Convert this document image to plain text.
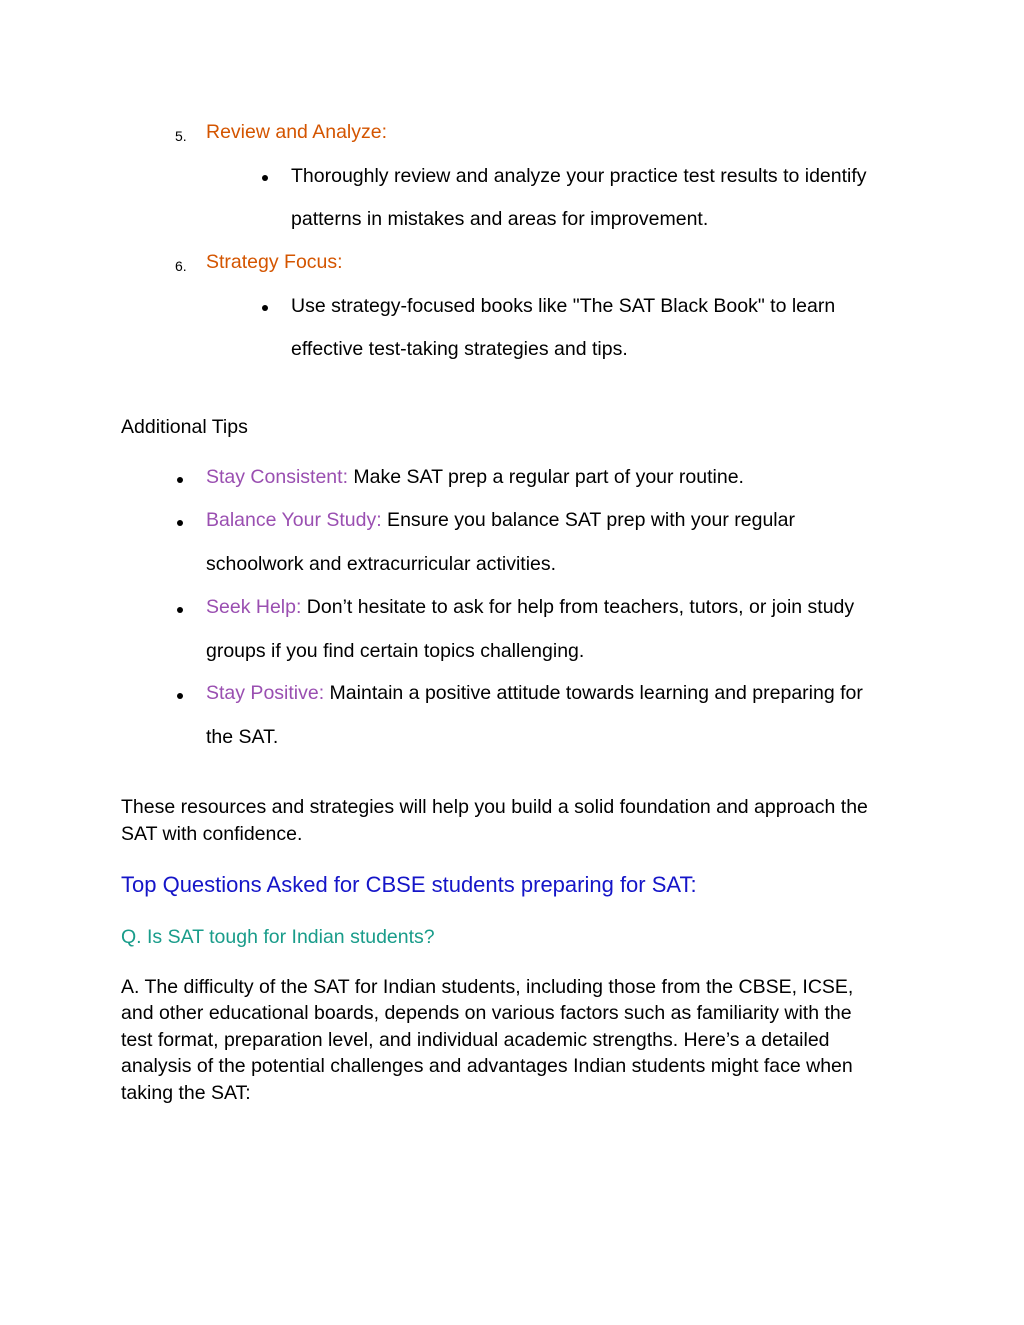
5. Review and Analyze:
Thoroughly review and analyze your practice test results to identify
patterns in mistakes and areas for improvement.
6. Strategy Focus:
Use strategy-focused books like "The SAT Black Book" to learn
effective test-taking strategies and tips.
Additional Tips
Stay Consistent: Make SAT prep a regular part of your routine.
Balance Your Study: Ensure you balance SAT prep with your regular
schoolwork and extracurricular activities.
Seek Help: Don’t hesitate to ask for help from teachers, tutors, or join study
groups if you find certain topics challenging.
Stay Positive: Maintain a positive attitude towards learning and preparing for
the SAT.
These resources and strategies will help you build a solid foundation and approach the
SAT with confidence.
Top Questions Asked for CBSE students preparing for SAT:
Q. Is SAT tough for Indian students?
A. The difficulty of the SAT for Indian students, including those from the CBSE, ICSE,
and other educational boards, depends on various factors such as familiarity with the
test format, preparation level, and individual academic strengths. Here’s a detailed
analysis of the potential challenges and advantages Indian students might face when
taking the SAT:
